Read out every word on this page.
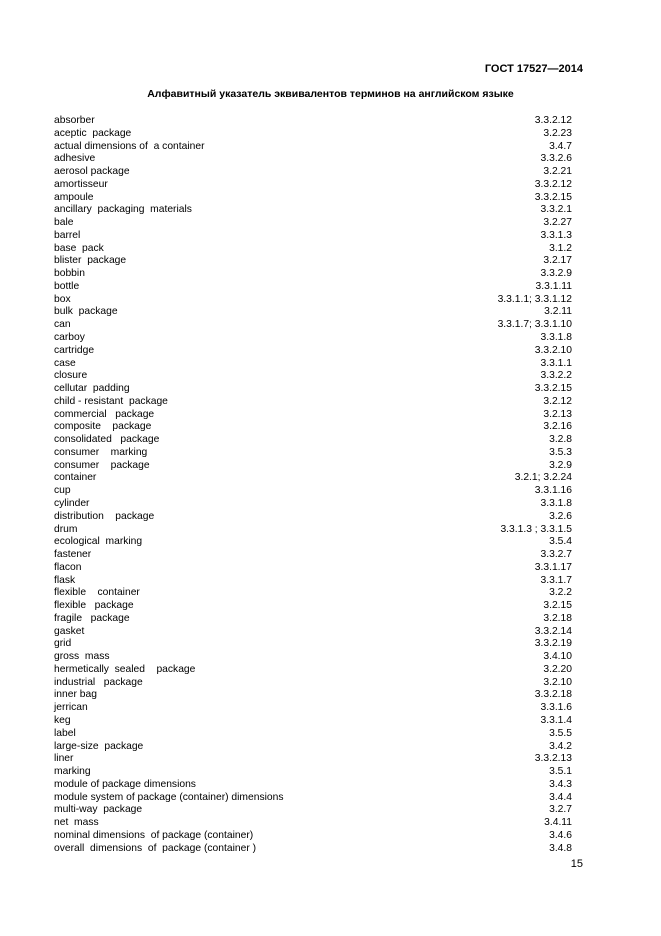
ГОСТ 17527—2014
Алфавитный указатель эквивалентов терминов на английском языке
absorber	3.3.2.12
aceptic  package	3.2.23
actual dimensions of  a container	3.4.7
adhesive	3.3.2.6
aerosol package	3.2.21
amortisseur	3.3.2.12
ampoule	3.3.2.15
ancillary  packaging  materials	3.3.2.1
bale	3.2.27
barrel	3.3.1.3
base  pack	3.1.2
blister  package	3.2.17
bobbin	3.3.2.9
bottle	3.3.1.11
box	3.3.1.1; 3.3.1.12
bulk  package	3.2.11
can	3.3.1.7; 3.3.1.10
carboy	3.3.1.8
cartridge	3.3.2.10
case	3.3.1.1
closure	3.3.2.2
cellutar  padding	3.3.2.15
child - resistant  package	3.2.12
commercial   package	3.2.13
composite    package	3.2.16
consolidated   package	3.2.8
consumer    marking	3.5.3
consumer    package	3.2.9
container	3.2.1; 3.2.24
cup	3.3.1.16
cylinder	3.3.1.8
distribution    package	3.2.6
drum	3.3.1.3 ; 3.3.1.5
ecological  marking	3.5.4
fastener	3.3.2.7
flacon	3.3.1.17
flask	3.3.1.7
flexible    container	3.2.2
flexible   package	3.2.15
fragile   package	3.2.18
gasket	3.3.2.14
grid	3.3.2.19
gross  mass	3.4.10
hermetically  sealed    package	3.2.20
industrial   package	3.2.10
inner bag	3.3.2.18
jerrican	3.3.1.6
keg	3.3.1.4
label	3.5.5
large-size  package	3.4.2
liner	3.3.2.13
marking	3.5.1
module of package dimensions	3.4.3
module system of package (container) dimensions	3.4.4
multi-way  package	3.2.7
net  mass	3.4.11
nominal dimensions  of package (container)	3.4.6
overall  dimensions  of  package (container )	3.4.8
15
